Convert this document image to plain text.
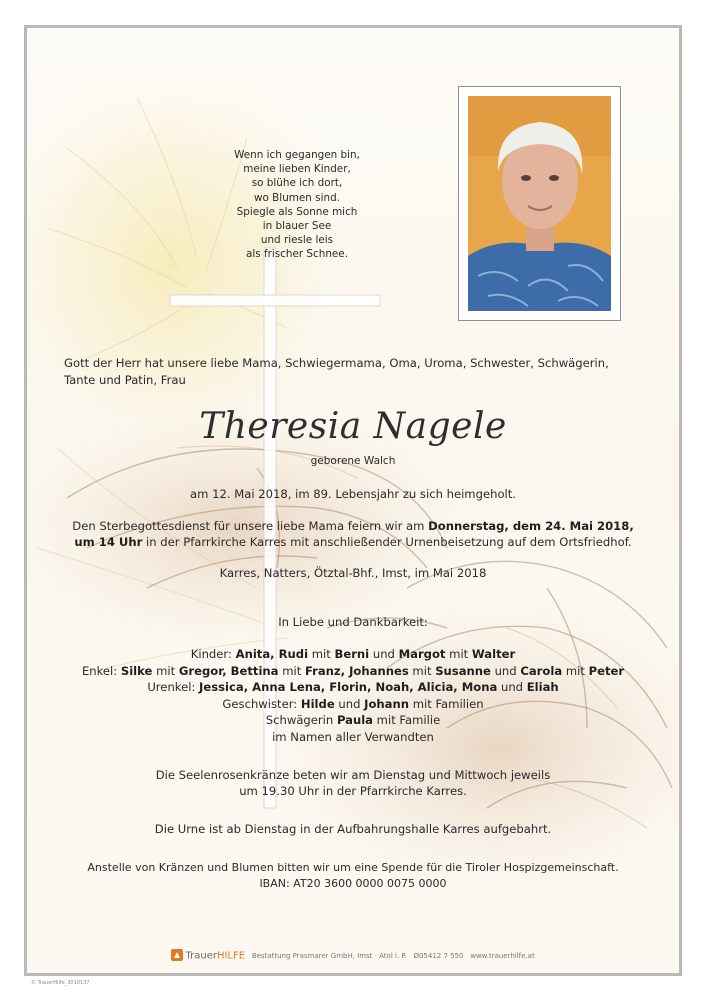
Wenn ich gegangen bin,
meine lieben Kinder,
so blühe ich dort,
wo Blumen sind.
Spiegle als Sonne mich
in blauer See
und riesle leis
als frischer Schnee.
Gott der Herr hat unsere liebe Mama, Schwiegermama, Oma, Uroma, Schwester, Schwägerin,
Tante und Patin, Frau
Theresia Nagele
geborene Walch
am 12. Mai 2018, im 89. Lebensjahr zu sich heimgeholt.
Den Sterbegottesdienst für unsere liebe Mama feiern wir am Donnerstag, dem 24. Mai 2018,
um 14 Uhr in der Pfarrkirche Karres mit anschließender Urnenbeisetzung auf dem Ortsfriedhof.
Karres, Natters, Ötztal-Bhf., Imst, im Mai 2018
In Liebe und Dankbarkeit:
Kinder: Anita, Rudi mit Berni und Margot mit Walter
Enkel: Silke mit Gregor, Bettina mit Franz, Johannes mit Susanne und Carola mit Peter
Urenkel: Jessica, Anna Lena, Florin, Noah, Alicia, Mona und Eliah
Geschwister: Hilde und Johann mit Familien
Schwägerin Paula mit Familie
im Namen aller Verwandten
Die Seelenrosenkränze beten wir am Dienstag und Mittwoch jeweils
um 19.30 Uhr in der Pfarrkirche Karres.
Die Urne ist ab Dienstag in der Aufbahrungshalle Karres aufgebahrt.
Anstelle von Kränzen und Blumen bitten wir um eine Spende für die Tiroler Hospizgemeinschaft.
IBAN: AT20 3600 0000 0075 0000
TrauerHILFE Bestattung Prasmarer GmbH, Imst · Atol i. P. Ø05412 7 550 www.trauerhilfe.at
© TrauerHilfe_3010137
